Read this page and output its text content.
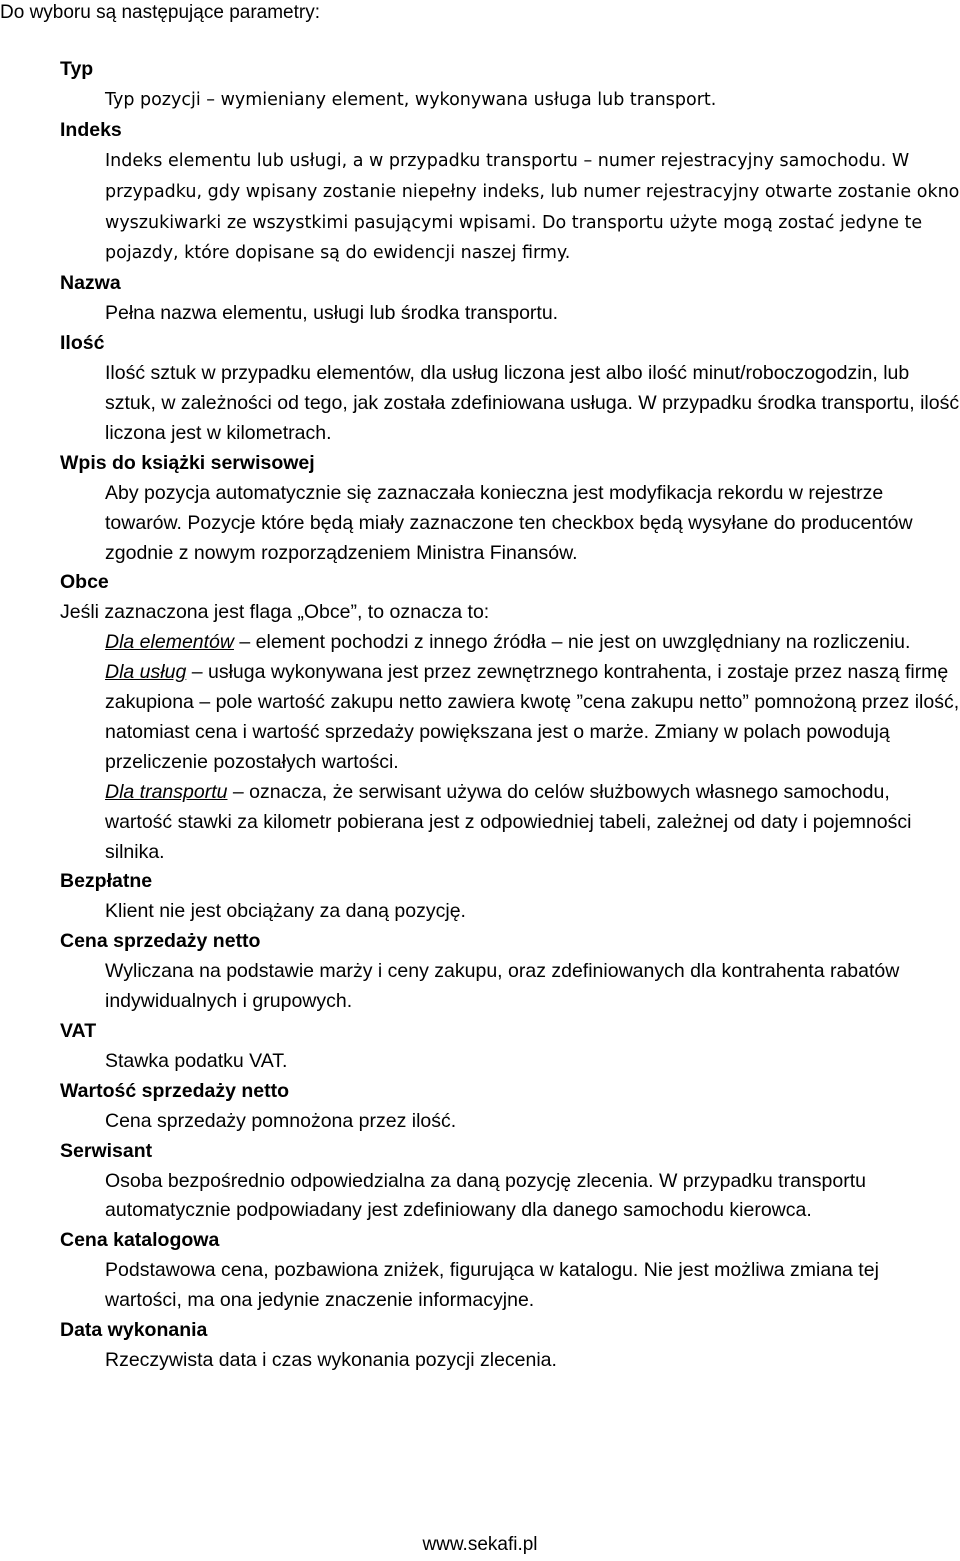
Do wyboru są następujące parametry:
Typ
Typ pozycji – wymieniany element, wykonywana usługa lub transport.
Indeks
Indeks elementu lub usługi, a w przypadku transportu – numer rejestracyjny samochodu. W przypadku, gdy wpisany zostanie niepełny indeks, lub numer rejestracyjny otwarte zostanie okno wyszukiwarki ze wszystkimi pasującymi wpisami. Do transportu użyte mogą zostać jedyne te pojazdy, które dopisane są do ewidencji naszej firmy.
Nazwa
Pełna nazwa elementu, usługi lub środka transportu.
Ilość
Ilość sztuk w przypadku elementów, dla usług liczona jest albo ilość minut/roboczogodzin, lub sztuk, w zależności od tego, jak została zdefiniowana usługa. W przypadku środka transportu, ilość liczona jest w kilometrach.
Wpis do książki serwisowej
Aby pozycja automatycznie się zaznaczała konieczna jest modyfikacja rekordu w rejestrze towarów. Pozycje które będą miały zaznaczone ten checkbox będą wysyłane do producentów zgodnie z nowym rozporządzeniem Ministra Finansów.
Obce
Jeśli zaznaczona jest flaga „Obce”, to oznacza to:
Dla elementów – element pochodzi z innego źródła – nie jest on uwzględniany na rozliczeniu.
Dla usług – usługa wykonywana jest przez zewnętrznego kontrahenta, i zostaje przez naszą firmę zakupiona – pole wartość zakupu netto zawiera kwotę ”cena zakupu netto” pomnożoną przez ilość, natomiast cena i wartość sprzedaży powiększana jest o marże. Zmiany w polach powodują przeliczenie pozostałych wartości.
Dla transportu – oznacza, że serwisant używa do celów służbowych własnego samochodu, wartość stawki za kilometr pobierana jest z odpowiedniej tabeli, zależnej od daty i pojemności silnika.
Bezpłatne
Klient nie jest obciążany za daną pozycję.
Cena sprzedaży netto
Wyliczana na podstawie marży i ceny zakupu, oraz zdefiniowanych dla kontrahenta rabatów indywidualnych i grupowych.
VAT
Stawka podatku VAT.
Wartość sprzedaży netto
Cena sprzedaży pomnożona przez ilość.
Serwisant
Osoba bezpośrednio odpowiedzialna za daną pozycję zlecenia. W przypadku transportu automatycznie podpowiadany jest zdefiniowany dla danego samochodu kierowca.
Cena katalogowa
Podstawowa cena, pozbawiona zniżek, figurująca w katalogu. Nie jest możliwa zmiana tej wartości, ma ona jedynie znaczenie informacyjne.
Data wykonania
Rzeczywista data i czas wykonania pozycji zlecenia.
www.sekafi.pl
